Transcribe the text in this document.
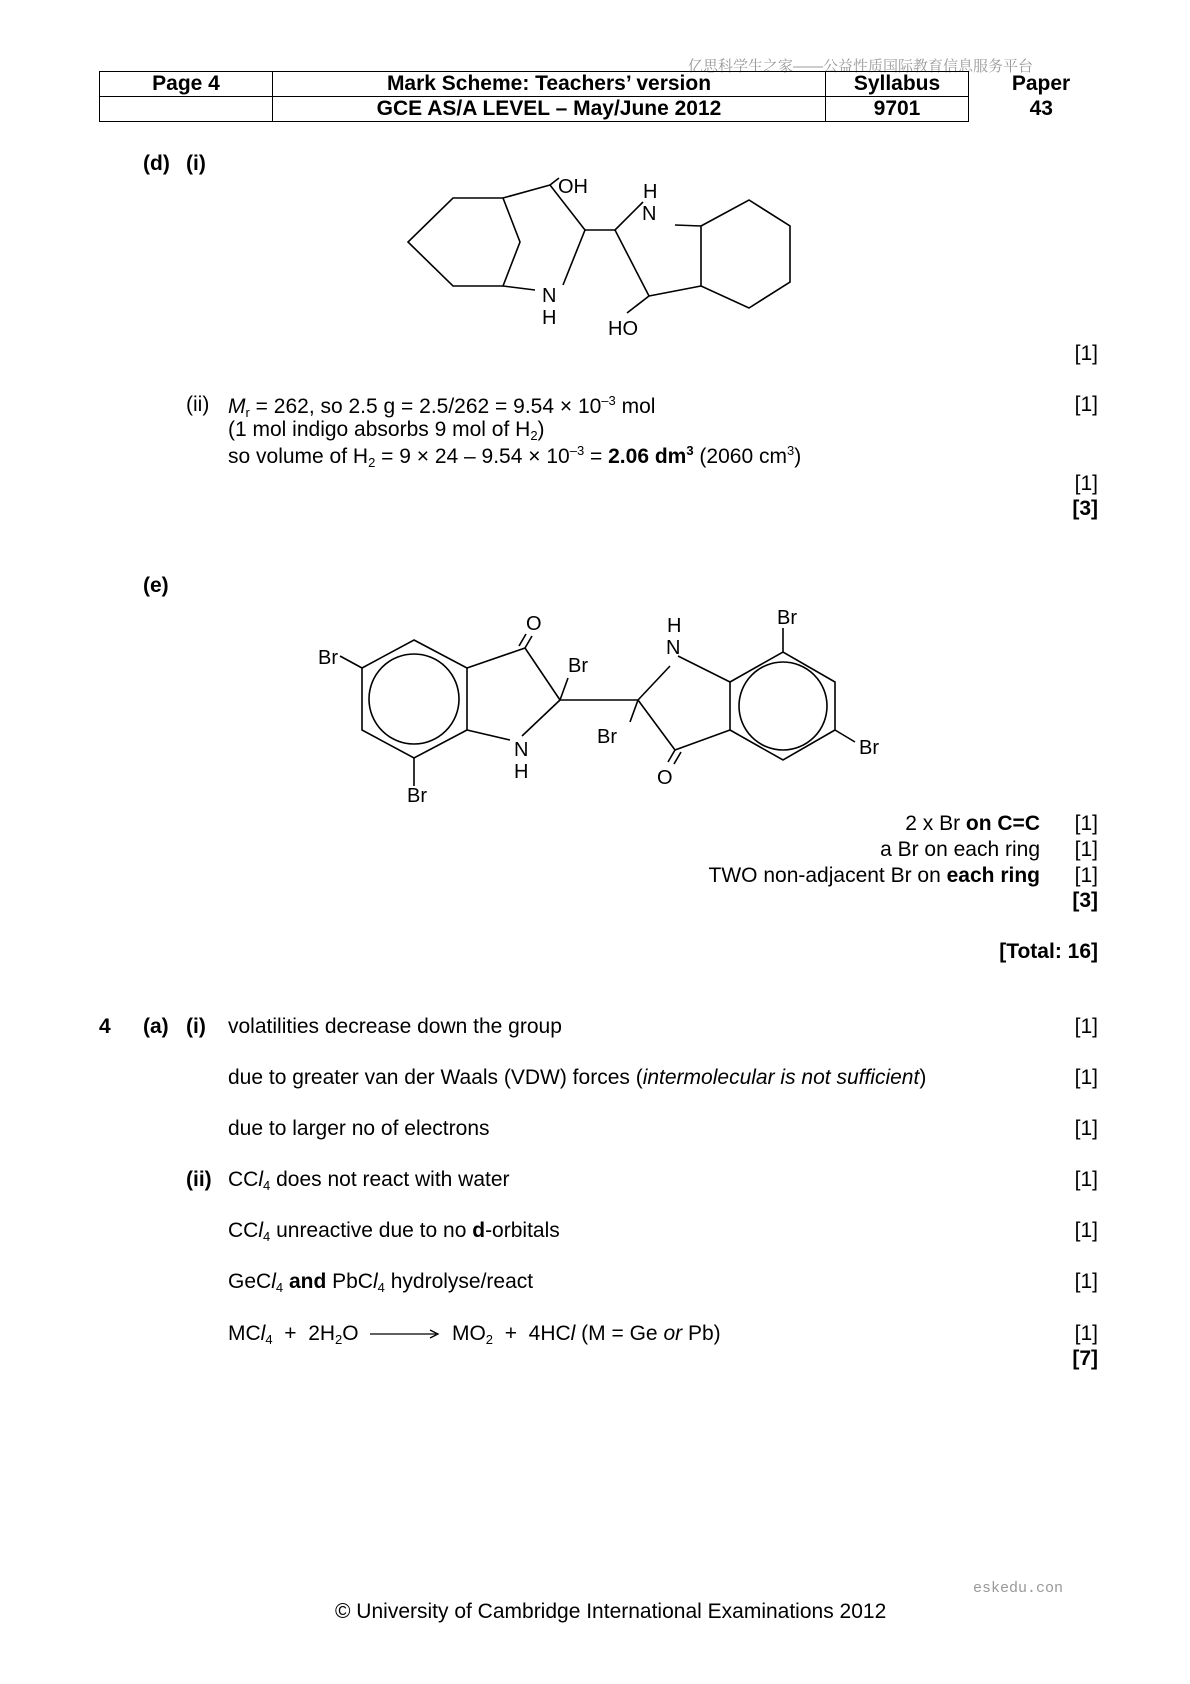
亿思科学生之家——公益性质国际教育信息服务平台
Page 4	Mark Scheme: Teachers’ version	Syllabus	Paper
	GCE AS/A LEVEL – May/June 2012	9701	43
(d) (i)
OH	H
N
N
H	HO
[1]
(ii) $M_r = 262$, so 2.5 $g = 2.5/262 = 9.54 \times 10^{-3}$ mol	[1]
(1 mol indigo absorbs 9 mol of $H_2$)
so volume of $H_2 = 9 \times 24 - 9.54 \times 10^{-3} = 2.06$ $dm^3$ (2060 $cm^3$)
[1]
[3]
(e)
Br
O
Br
H
N
Br
N
H
Br
O
Br
Br
2 x Br on C=C	[1]
a Br on each ring	[1]
TWO non-adjacent Br on each ring	[1]
[3]
[Total: 16]
4 (a) (i) volatilities decrease down the group	[1]
due to greater van der Waals (VDW) forces (intermolecular is not sufficient)	[1]
due to larger no of electrons	[1]
(ii) CCl$_4$ does not react with water	[1]
CCl$_4$ unreactive due to no d-orbitals	[1]
GeCl$_4$ and PbCl$_4$ hydrolyse/react	[1]
$MCl_4 + 2H_2O \to MO_2 + 4HCl$ (M = Ge or Pb)	[1]
[7]
eskedu.con
© University of Cambridge International Examinations 2012
